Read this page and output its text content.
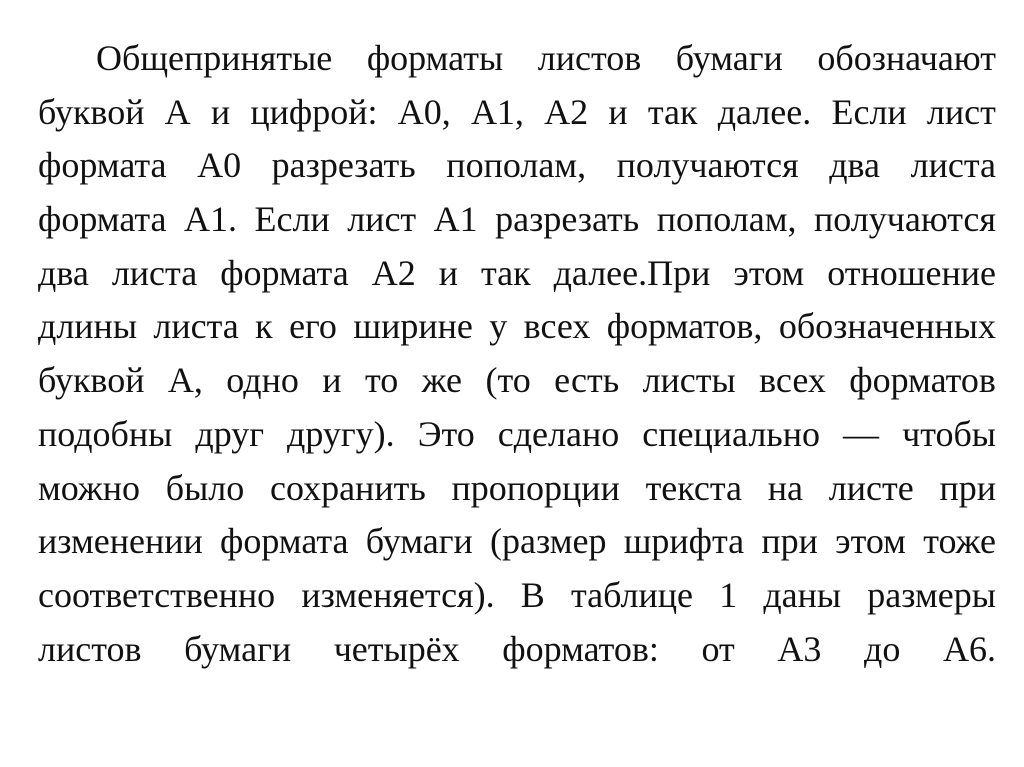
Общепринятые форматы листов бумаги обозначают
буквой А и цифрой: А0, А1, А2 и так далее. Если лист
формата А0 разрезать пополам, получаются два листа
формата А1. Если лист А1 разрезать пополам, получаются
два листа формата А2 и так далее.При этом отношение
длины листа к его ширине у всех форматов, обозначенных
буквой А, одно и то же (то есть листы всех форматов
подобны друг другу). Это сделано специально — чтобы
можно было сохранить пропорции текста на листе при
изменении формата бумаги (размер шрифта при этом тоже
соответственно изменяется). В таблице 1 даны размеры
листов бумаги четырёх форматов: от А3 до А6.
